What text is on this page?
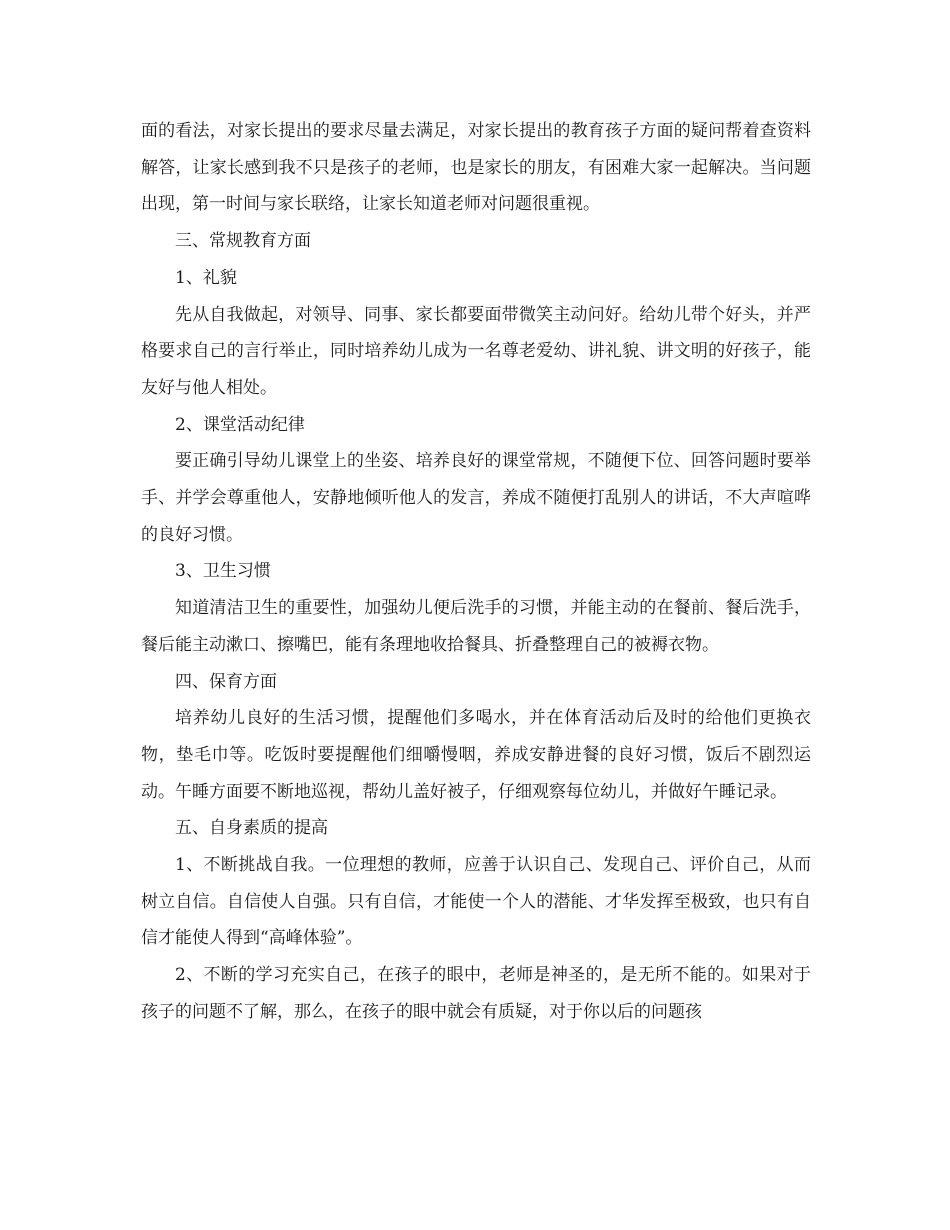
面的看法，对家长提出的要求尽量去满足，对家长提出的教育孩子方面的疑问帮着查资料解答，让家长感到我不只是孩子的老师，也是家长的朋友，有困难大家一起解决。当问题出现，第一时间与家长联络，让家长知道老师对问题很重视。

三、常规教育方面

1、礼貌

先从自我做起，对领导、同事、家长都要面带微笑主动问好。给幼儿带个好头，并严格要求自己的言行举止，同时培养幼儿成为一名尊老爱幼、讲礼貌、讲文明的好孩子，能友好与他人相处。

2、课堂活动纪律

要正确引导幼儿课堂上的坐姿、培养良好的课堂常规，不随便下位、回答问题时要举手、并学会尊重他人，安静地倾听他人的发言，养成不随便打乱别人的讲话，不大声喧哗的良好习惯。

3、卫生习惯

知道清洁卫生的重要性，加强幼儿便后洗手的习惯，并能主动的在餐前、餐后洗手，餐后能主动漱口、擦嘴巴，能有条理地收拾餐具、折叠整理自己的被褥衣物。

四、保育方面

培养幼儿良好的生活习惯，提醒他们多喝水，并在体育活动后及时的给他们更换衣物，垫毛巾等。吃饭时要提醒他们细嚼慢咽，养成安静进餐的良好习惯，饭后不剧烈运动。午睡方面要不断地巡视，帮幼儿盖好被子，仔细观察每位幼儿，并做好午睡记录。

五、自身素质的提高

1、不断挑战自我。一位理想的教师，应善于认识自己、发现自己、评价自己，从而树立自信。自信使人自强。只有自信，才能使一个人的潜能、才华发挥至极致，也只有自信才能使人得到“高峰体验”。

2、不断的学习充实自己，在孩子的眼中，老师是神圣的，是无所不能的。如果对于孩子的问题不了解，那么，在孩子的眼中就会有质疑，对于你以后的问题孩
